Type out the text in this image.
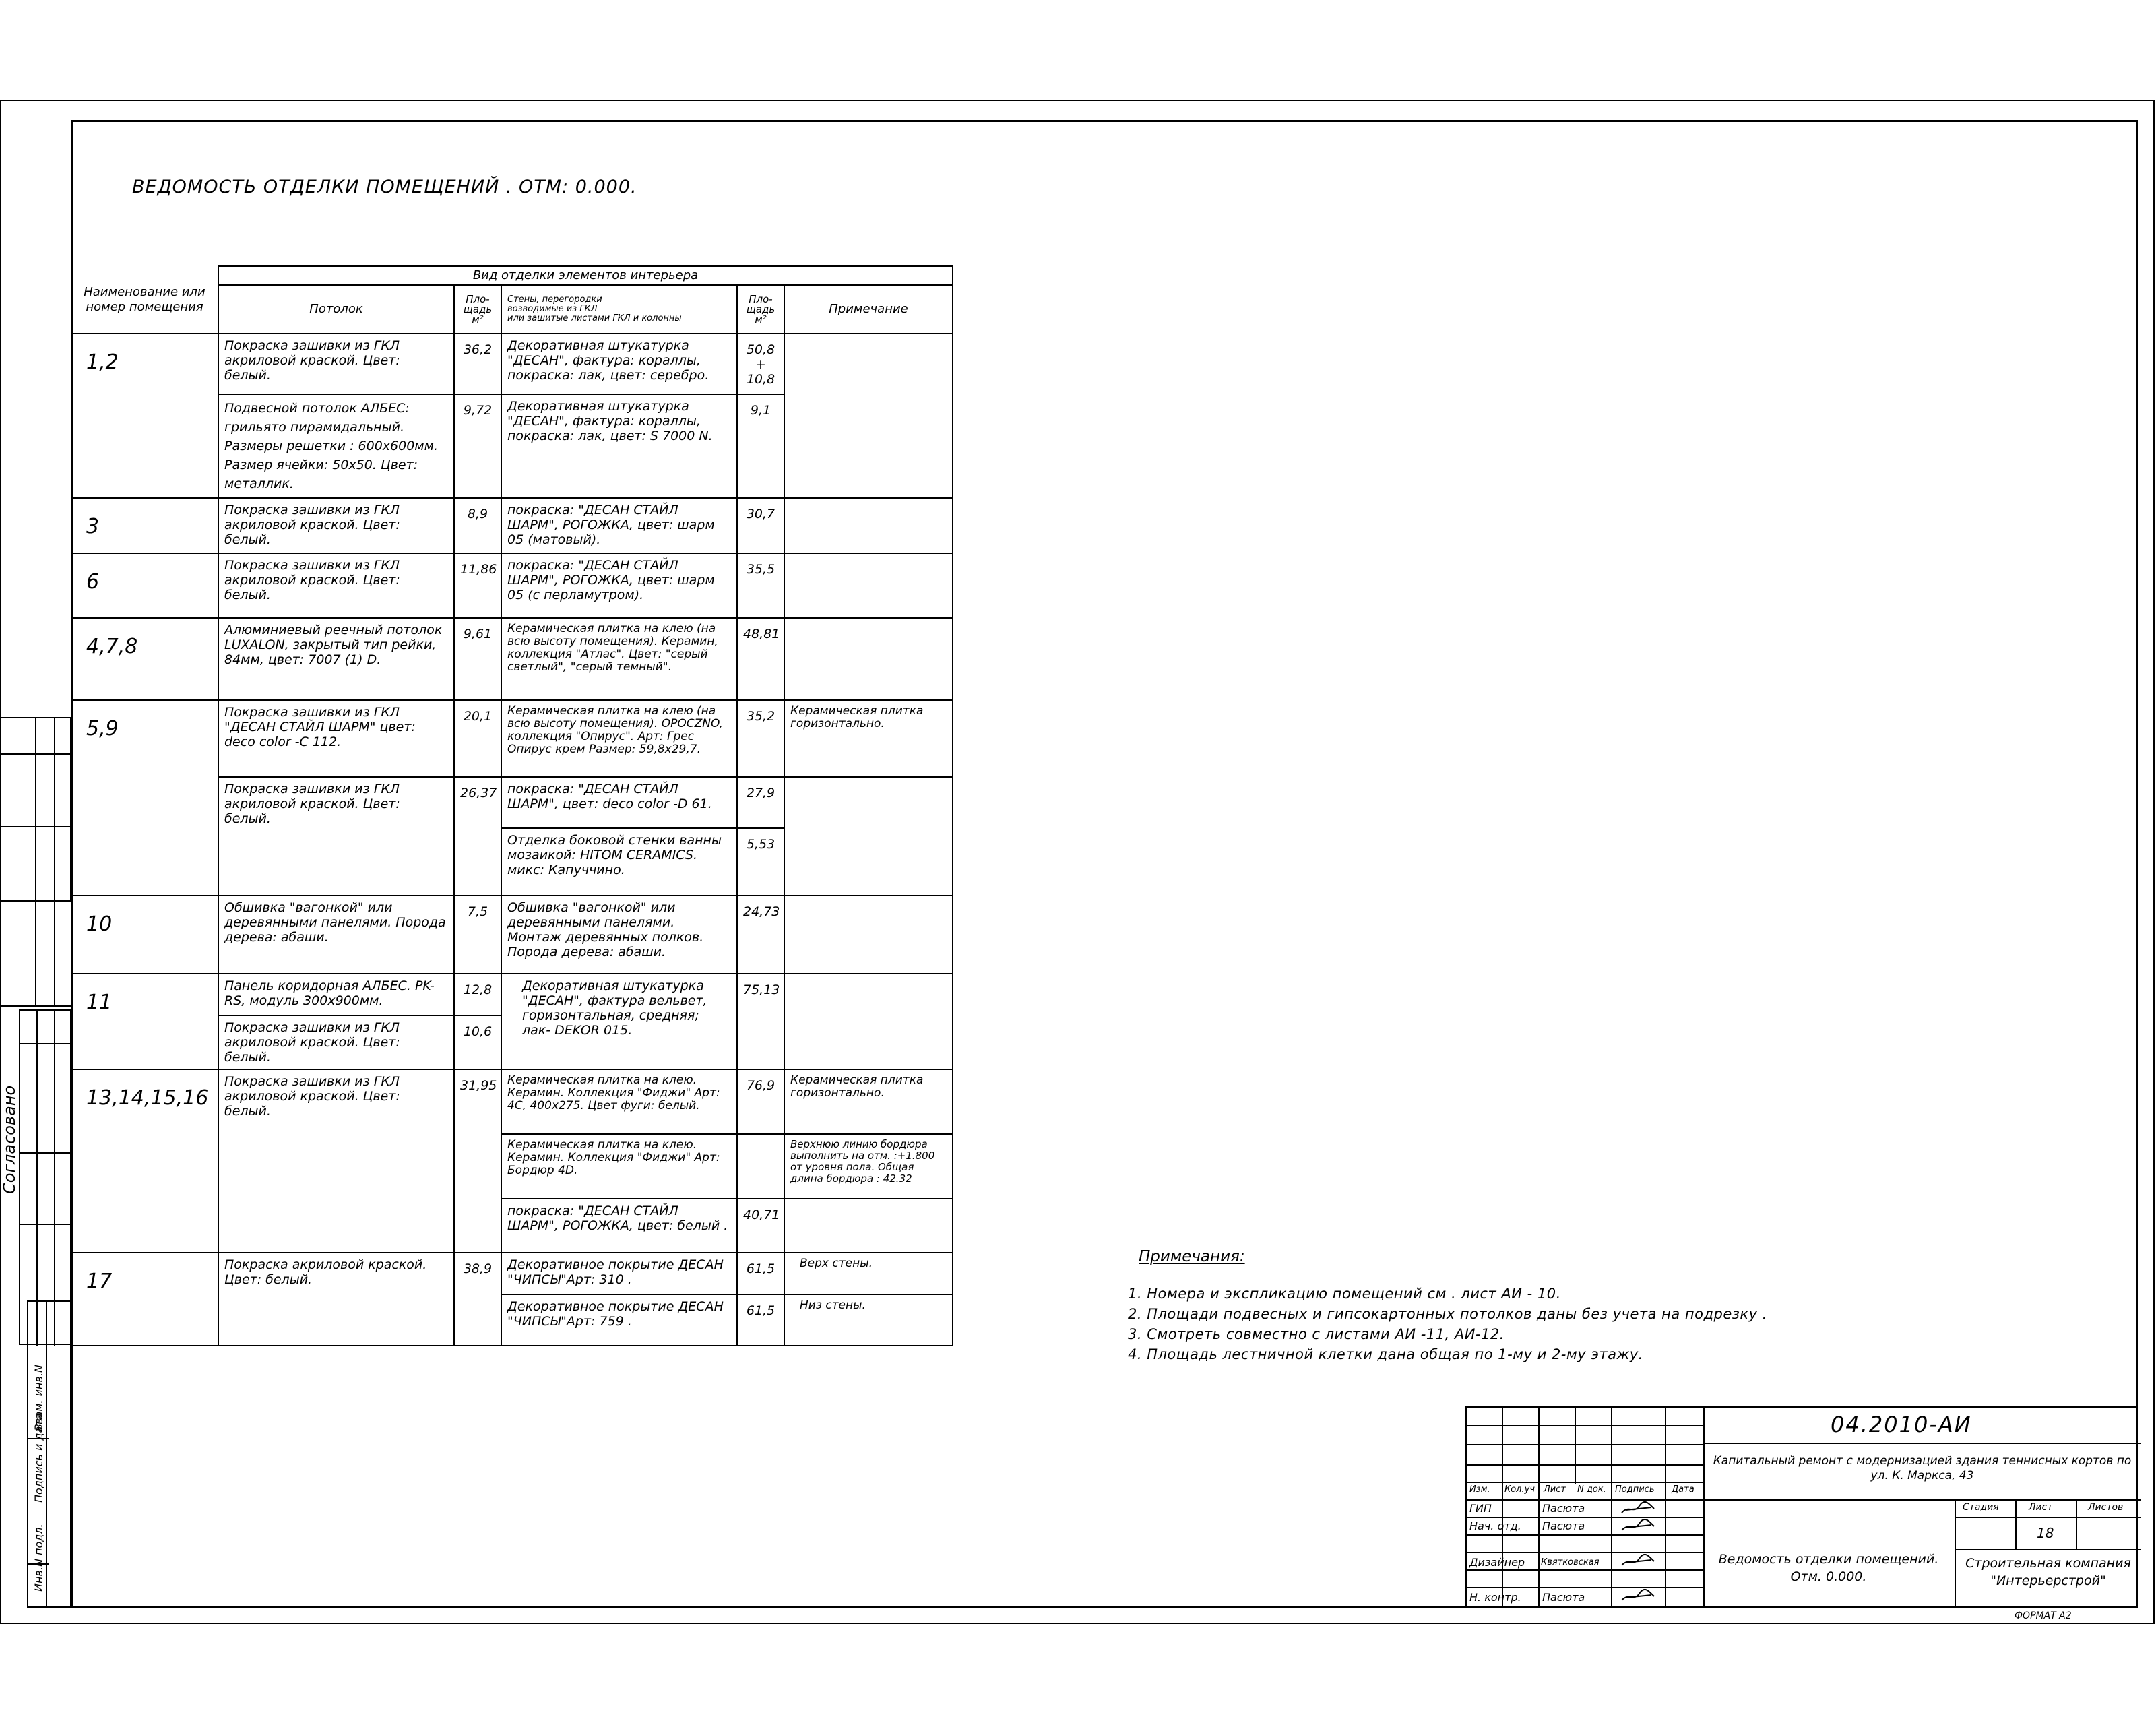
ВЕДОМОСТЬ ОТДЕЛКИ ПОМЕЩЕНИЙ . ОТМ: 0.000.
Наименование или номер помещения	Вид отделки элементов интерьера				
	Потолок	Пло- щадь м²	Стены, перегородки
возводимые из ГКЛ
или зашитые листами ГКЛ и колонны	Пло- щадь м²	Примечание
1,2	Покраска зашивки из ГКЛ акриловой краской. Цвет: белый.	36,2	Декоративная штукатурка "ДЕСАН", фактура: кораллы, покраска: лак, цвет: серебро.	50,8 + 10,8	
	Подвесной потолок АЛБЕС: грильято пирамидальный. Размеры решетки : 600х600мм. Размер ячейки: 50х50. Цвет: металлик.	9,72	Декоративная штукатурка "ДЕСАН", фактура: кораллы, покраска: лак, цвет: S 7000 N.	9,1	
3	Покраска зашивки из ГКЛ акриловой краской. Цвет: белый.	8,9	покраска: "ДЕСАН СТАЙЛ ШАРМ", РОГОЖКА, цвет: шарм 05 (матовый).	30,7	
6	Покраска зашивки из ГКЛ акриловой краской. Цвет: белый.	11,86	покраска: "ДЕСАН СТАЙЛ ШАРМ", РОГОЖКА, цвет: шарм 05 (с перламутром).	35,5	
4,7,8	Алюминиевый реечный потолок LUXALON, закрытый тип рейки, 84мм, цвет: 7007 (1) D.	9,61	Керамическая плитка на клею (на всю высоту помещения). Керамин, коллекция "Атлас". Цвет: "серый светлый", "серый темный".	48,81	
5,9	Покраска зашивки из ГКЛ "ДЕСАН СТАЙЛ ШАРМ" цвет: deco color -C 112.	20,1	Керамическая плитка на клею (на всю высоту помещения). OPOCZNO, коллекция "Опирус". Арт: Грес Опирус крем Размер: 59,8х29,7.	35,2	Керамическая плитка горизонтально.
	Покраска зашивки из ГКЛ акриловой краской. Цвет: белый.	26,37	покраска: "ДЕСАН СТАЙЛ ШАРМ", цвет: deco color -D 61.	27,9	
			Отделка боковой стенки ванны мозаикой: HITOM CERAMICS. микс: Капуччино.	5,53	
10	Обшивка "вагонкой" или деревянными панелями. Порода дерева: абаши.	7,5	Обшивка "вагонкой" или деревянными панелями. Монтаж деревянных полков. Порода дерева: абаши.	24,73	
11	Панель коридорная АЛБЕС. PK-RS, модуль 300х900мм.	12,8	Декоративная штукатурка "ДЕСАН", фактура вельвет, горизонтальная, средняя; лак- DEKOR 015.	75,13	
	Покраска зашивки из ГКЛ акриловой краской. Цвет: белый.	10,6			
13,14,15,16	Покраска зашивки из ГКЛ акриловой краской. Цвет: белый.	31,95	Керамическая плитка на клею. Керамин. Коллекция "Фиджи" Арт: 4С, 400х275. Цвет фуги: белый.	76,9	Керамическая плитка горизонтально.
			Керамическая плитка на клею. Керамин. Коллекция "Фиджи" Арт: Бордюр 4D.		Верхнюю линию бордюра выполнить на отм. :+1.800 от уровня пола. Общая длина бордюра : 42.32
			покраска: "ДЕСАН СТАЙЛ ШАРМ", РОГОЖКА, цвет: белый .	40,71	
17	Покраска акриловой краской. Цвет: белый.	38,9	Декоративное покрытие ДЕСАН "ЧИПСЫ"Арт: 310 .	61,5	Верх стены.
			Декоративное покрытие ДЕСАН "ЧИПСЫ"Арт: 759 .	61,5	Низ стены.
Примечания:
1. Номера и экспликацию помещений см . лист АИ - 10.
2. Площади подвесных и гипсокартонных потолков даны без учета на подрезку .
3. Смотреть совместно с листами АИ -11, АИ-12.
4. Площадь лестничной клетки дана общая по 1-му и 2-му этажу.
Согласовано
Взам. инв.N
Подпись и дата
Инв.N подл.
04.2010-АИ
Капитальный ремонт с модернизацией здания теннисных кортов по ул. К. Маркса, 43
Изм. Кол.уч Лист N док. Подпись Дата
ГИП	Пасюта
Нач. отд. Пасюта
Дизайнер Квятковская
Н. контр. Пасюта
Ведомость отделки помещений. Отм. 0.000.
Стадия	Лист	Листов
18
Строительная компания "Интерьерстрой"
ФОРМАТ А2
